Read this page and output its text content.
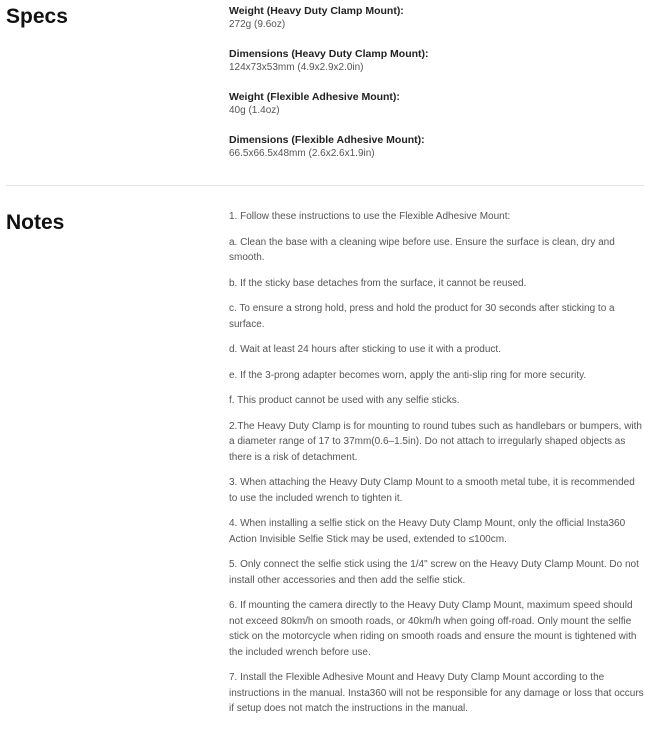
Specs	Weight (Heavy Duty Clamp Mount):
272g (9.6oz)
Dimensions (Heavy Duty Clamp Mount):
124x73x53mm (4.9x2.9x2.0in)
Weight (Flexible Adhesive Mount):
40g (1.4oz)
Dimensions (Flexible Adhesive Mount):
66.5x66.5x48mm (2.6x2.6x1.9in)
Notes	1. Follow these instructions to use the Flexible Adhesive Mount:

a. Clean the base with a cleaning wipe before use. Ensure the surface is clean, dry and smooth.

b. If the sticky base detaches from the surface, it cannot be reused.

c. To ensure a strong hold, press and hold the product for 30 seconds after sticking to a surface.

d. Wait at least 24 hours after sticking to use it with a product.

e. If the 3-prong adapter becomes worn, apply the anti-slip ring for more security.

f. This product cannot be used with any selfie sticks.

2.The Heavy Duty Clamp is for mounting to round tubes such as handlebars or bumpers, with a diameter range of 17 to 37mm(0.6–1.5in). Do not attach to irregularly shaped objects as there is a risk of detachment.

3. When attaching the Heavy Duty Clamp Mount to a smooth metal tube, it is recommended to use the included wrench to tighten it.

4. When installing a selfie stick on the Heavy Duty Clamp Mount, only the official Insta360 Action Invisible Selfie Stick may be used, extended to ≤100cm.

5. Only connect the selfie stick using the 1/4" screw on the Heavy Duty Clamp Mount. Do not install other accessories and then add the selfie stick.

6. If mounting the camera directly to the Heavy Duty Clamp Mount, maximum speed should not exceed 80km/h on smooth roads, or 40km/h when going off-road. Only mount the selfie stick on the motorcycle when riding on smooth roads and ensure the mount is tightened with the included wrench before use.

7. Install the Flexible Adhesive Mount and Heavy Duty Clamp Mount according to the instructions in the manual. Insta360 will not be responsible for any damage or loss that occurs if setup does not match the instructions in the manual.
